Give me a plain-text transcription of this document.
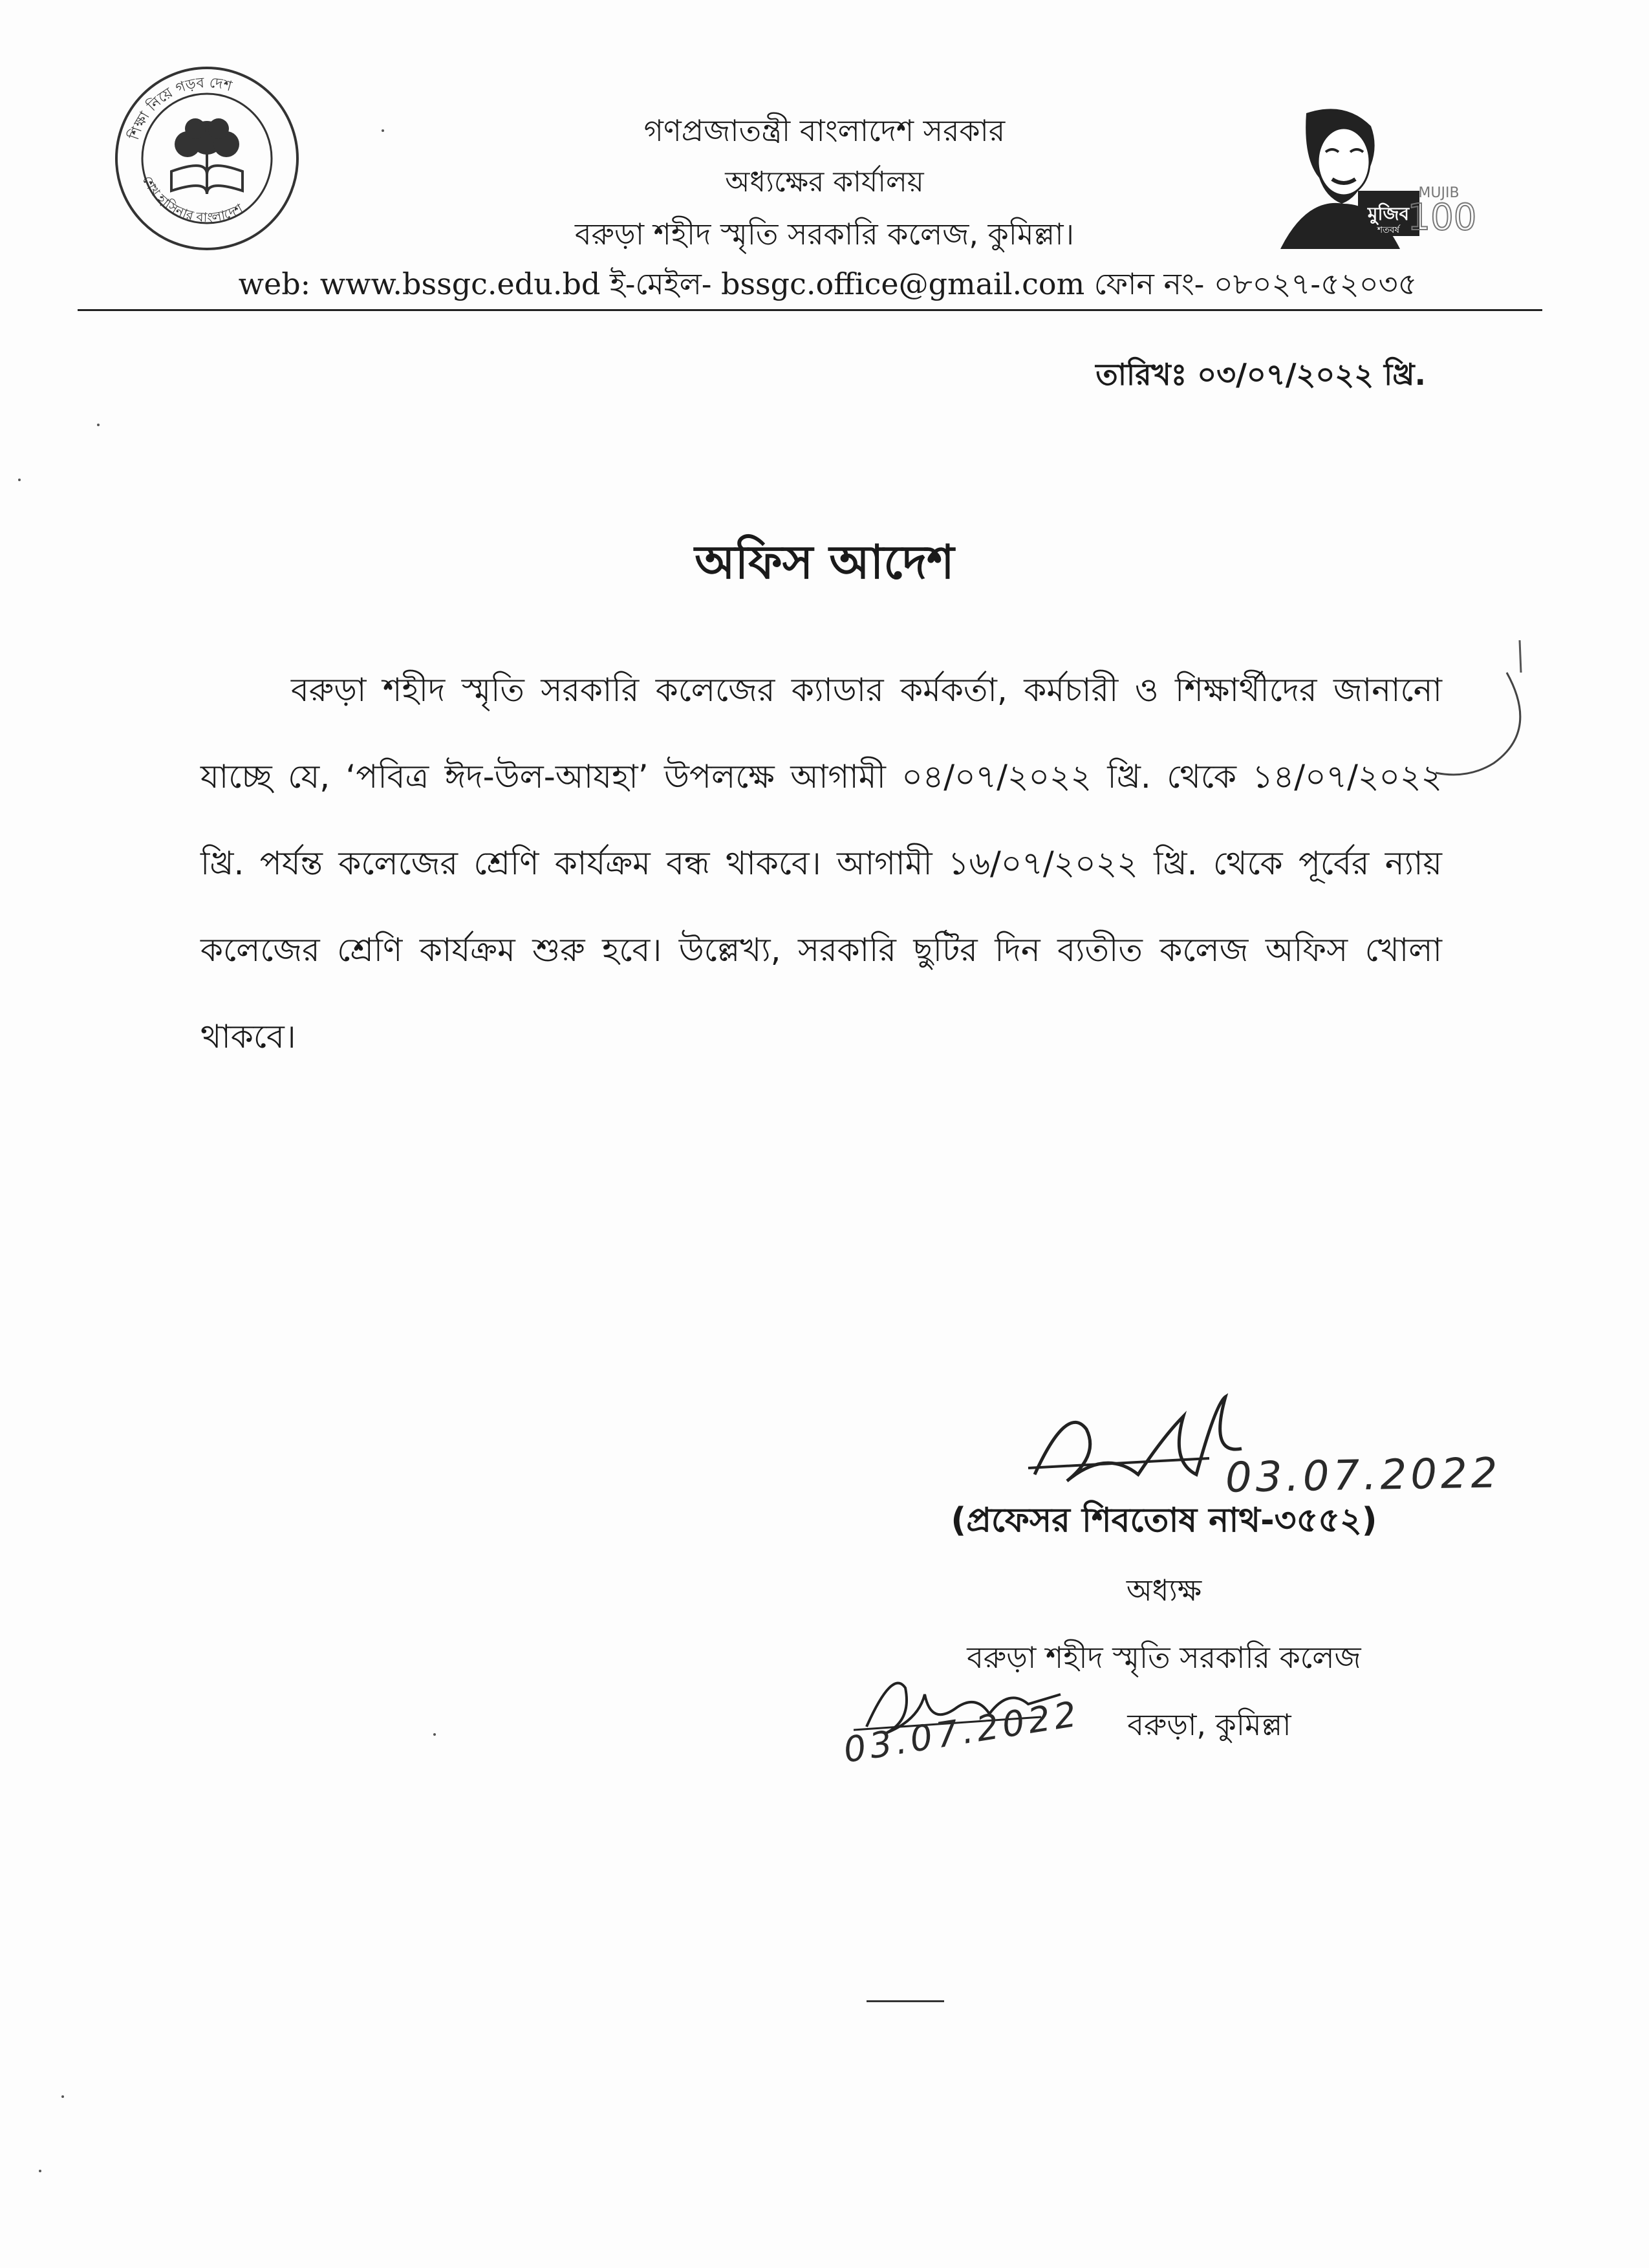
শিক্ষা নিয়ে গড়ব দেশ
শেখ হাসিনার বাংলাদেশ	মুজিব
শতবর্ষ
MUJIB
100
গণপ্রজাতন্ত্রী বাংলাদেশ সরকার
অধ্যক্ষের কার্যালয়
বরুড়া শহীদ স্মৃতি সরকারি কলেজ, কুমিল্লা।
web: www.bssgc.edu.bd ই-মেইল- bssgc.office@gmail.com ফোন নং- ০৮০২৭-৫২০৩৫
তারিখঃ ০৩/০৭/২০২২ খ্রি.
অফিস আদেশ
বরুড়া শহীদ স্মৃতি সরকারি কলেজের ক্যাডার কর্মকর্তা, কর্মচারী ও শিক্ষার্থীদের জানানো যাচ্ছে যে, ‘পবিত্র ঈদ-উল-আযহা’ উপলক্ষে আগামী ০৪/০৭/২০২২ খ্রি. থেকে ১৪/০৭/২০২২ খ্রি. পর্যন্ত কলেজের শ্রেণি কার্যক্রম বন্ধ থাকবে। আগামী ১৬/০৭/২০২২ খ্রি. থেকে পূর্বের ন্যায় কলেজের শ্রেণি কার্যক্রম শুরু হবে। উল্লেখ্য, সরকারি ছুটির দিন ব্যতীত কলেজ অফিস খোলা থাকবে।
03.07.2022
(প্রফেসর শিবতোষ নাথ-৩৫৫২)
অধ্যক্ষ
বরুড়া শহীদ স্মৃতি সরকারি কলেজ
বরুড়া, কুমিল্লা
03.07.2022
